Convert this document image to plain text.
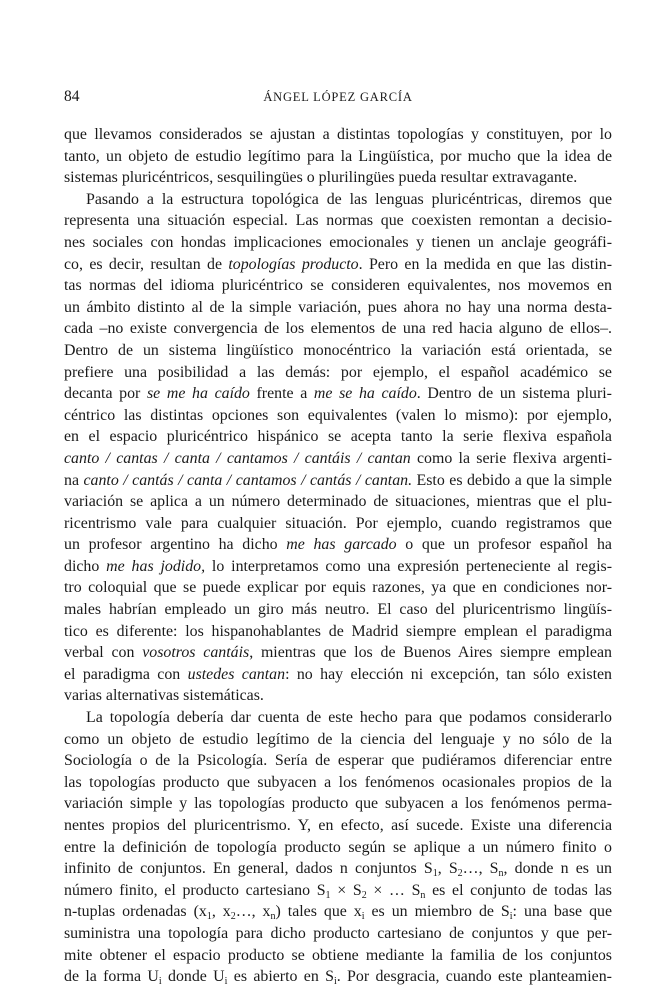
84	ÁNGEL LÓPEZ GARCÍA
que llevamos considerados se ajustan a distintas topologías y constituyen, por lo
tanto, un objeto de estudio legítimo para la Lingüística, por mucho que la idea de
sistemas pluricéntricos, sesquilingües o plurilingües pueda resultar extravagante.
Pasando a la estructura topológica de las lenguas pluricéntricas, diremos que
representa una situación especial. Las normas que coexisten remontan a decisio-
nes sociales con hondas implicaciones emocionales y tienen un anclaje geográfi-
co, es decir, resultan de topologías producto. Pero en la medida en que las distin-
tas normas del idioma pluricéntrico se consideren equivalentes, nos movemos en
un ámbito distinto al de la simple variación, pues ahora no hay una norma desta-
cada –no existe convergencia de los elementos de una red hacia alguno de ellos–.
Dentro de un sistema lingüístico monocéntrico la variación está orientada, se
prefiere una posibilidad a las demás: por ejemplo, el español académico se
decanta por se me ha caído frente a me se ha caído. Dentro de un sistema pluri-
céntrico las distintas opciones son equivalentes (valen lo mismo): por ejemplo,
en el espacio pluricéntrico hispánico se acepta tanto la serie flexiva española
canto / cantas / canta / cantamos / cantáis / cantan como la serie flexiva argenti-
na canto / cantás / canta / cantamos / cantás / cantan. Esto es debido a que la simple
variación se aplica a un número determinado de situaciones, mientras que el plu-
ricentrismo vale para cualquier situación. Por ejemplo, cuando registramos que
un profesor argentino ha dicho me has garcado o que un profesor español ha
dicho me has jodido, lo interpretamos como una expresión perteneciente al regis-
tro coloquial que se puede explicar por equis razones, ya que en condiciones nor-
males habrían empleado un giro más neutro. El caso del pluricentrismo lingüís-
tico es diferente: los hispanohablantes de Madrid siempre emplean el paradigma
verbal con vosotros cantáis, mientras que los de Buenos Aires siempre emplean
el paradigma con ustedes cantan: no hay elección ni excepción, tan sólo existen
varias alternativas sistemáticas.
La topología debería dar cuenta de este hecho para que podamos considerarlo
como un objeto de estudio legítimo de la ciencia del lenguaje y no sólo de la
Sociología o de la Psicología. Sería de esperar que pudiéramos diferenciar entre
las topologías producto que subyacen a los fenómenos ocasionales propios de la
variación simple y las topologías producto que subyacen a los fenómenos perma-
nentes propios del pluricentrismo. Y, en efecto, así sucede. Existe una diferencia
entre la definición de topología producto según se aplique a un número finito o
infinito de conjuntos. En general, dados n conjuntos $S_1$, $S_2\dots$, $S_n$, donde n es un
número finito, el producto cartesiano $S_1 \times S_2$ × … $S_n$ es el conjunto de todas las
n-tuplas ordenadas ($x_1$, $x_2\dots$, $x_n$) tales que $x_i$ es un miembro de $S_i$: una base que
suministra una topología para dicho producto cartesiano de conjuntos y que per-
mite obtener el espacio producto se obtiene mediante la familia de los conjuntos
de la forma $U_i$ donde $U_i$ es abierto en $S_i$. Por desgracia, cuando este planteamien-
